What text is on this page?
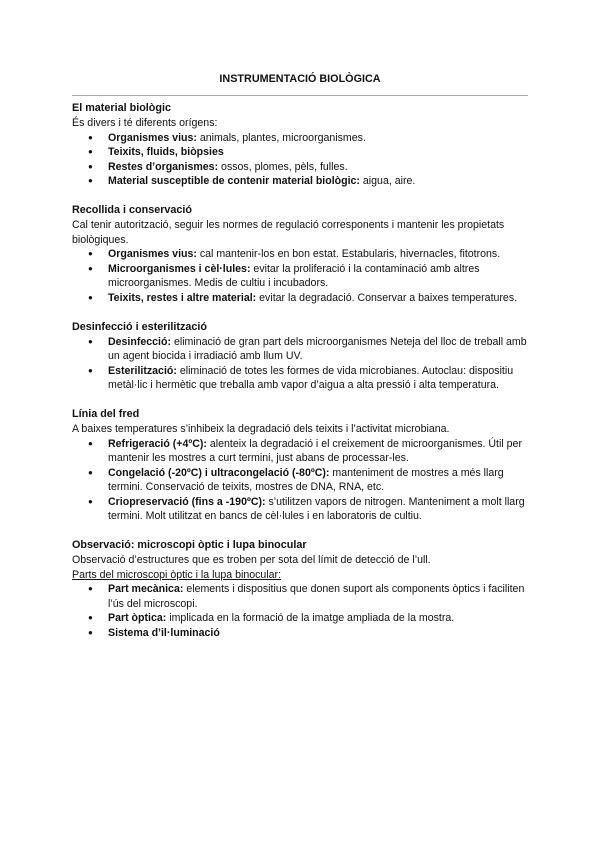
INSTRUMENTACIÓ BIOLÒGICA
El material biològic

És divers i té diferents orígens:

● Organismes vius: animals, plantes, microorganismes.
● Teixits, fluids, biòpsies
● Restes d’organismes: ossos, plomes, pèls, fulles.
● Material susceptible de contenir material biològic: aigua, aire.
Recollida i conservació

Cal tenir autorització, seguir les normes de regulació corresponents i mantenir les propietats biològiques.

● Organismes vius: cal mantenir-los en bon estat. Estabularis, hivernacles, fitotrons.
● Microorganismes i cèl·lules: evitar la proliferació i la contaminació amb altres microorganismes. Medis de cultiu i incubadors.
● Teixits, restes i altre material: evitar la degradació. Conservar a baixes temperatures.
Desinfecció i esterilització
● Desinfecció: eliminació de gran part dels microorganismes Neteja del lloc de treball amb un agent biocida i irradiació amb llum UV.
● Esterilització: eliminació de totes les formes de vida microbianes. Autoclau: dispositiu metàl·lic i hermètic que treballa amb vapor d’aigua a alta pressió i alta temperatura.
Línia del fred

A baixes temperatures s’inhibeix la degradació dels teixits i l’activitat microbiana.

● Refrigeració (+4ºC): alenteix la degradació i el creixement de microorganismes. Útil per mantenir les mostres a curt termini, just abans de processar-les.
● Congelació (-20ºC) i ultracongelació (-80ºC): manteniment de mostres a més llarg termini. Conservació de teixits, mostres de DNA, RNA, etc.
● Criopreservació (fins a -190ºC): s’utilitzen vapors de nitrogen. Manteniment a molt llarg termini. Molt utilitzat en bancs de cèl·lules i en laboratoris de cultiu.
Observació: microscopi òptic i lupa binocular

Observació d’estructures que es troben per sota del límit de detecció de l’ull.

Parts del microscopi òptic i la lupa binocular:

● Part mecànica: elements i dispositius que donen suport als components òptics i faciliten l’ús del microscopi.
● Part òptica: implicada en la formació de la imatge ampliada de la mostra.
● Sistema d’il·luminació
